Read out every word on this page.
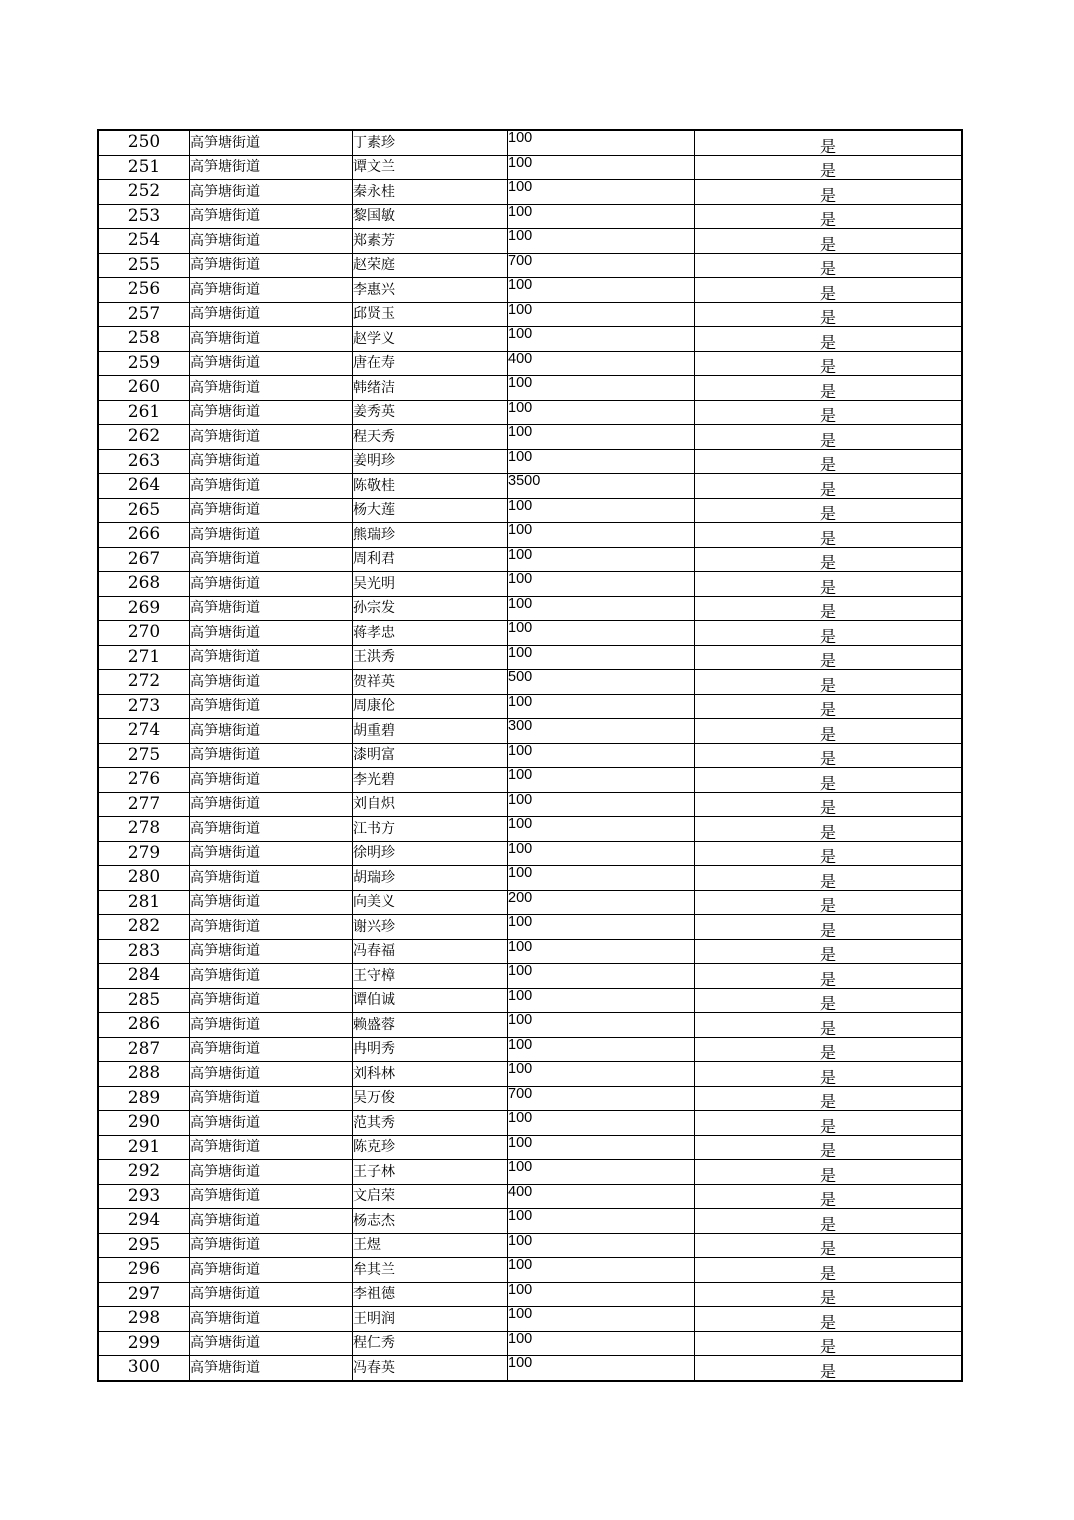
250	高笋塘街道	丁素珍	100	是
251	高笋塘街道	谭文兰	100	是
252	高笋塘街道	秦永桂	100	是
253	高笋塘街道	黎国敏	100	是
254	高笋塘街道	郑素芳	100	是
255	高笋塘街道	赵荣庭	700	是
256	高笋塘街道	李惠兴	100	是
257	高笋塘街道	邱贤玉	100	是
258	高笋塘街道	赵学义	100	是
259	高笋塘街道	唐在寿	400	是
260	高笋塘街道	韩绪洁	100	是
261	高笋塘街道	姜秀英	100	是
262	高笋塘街道	程天秀	100	是
263	高笋塘街道	姜明珍	100	是
264	高笋塘街道	陈敬桂	3500	是
265	高笋塘街道	杨大莲	100	是
266	高笋塘街道	熊瑞珍	100	是
267	高笋塘街道	周利君	100	是
268	高笋塘街道	吴光明	100	是
269	高笋塘街道	孙宗发	100	是
270	高笋塘街道	蒋孝忠	100	是
271	高笋塘街道	王洪秀	100	是
272	高笋塘街道	贺祥英	500	是
273	高笋塘街道	周康伦	100	是
274	高笋塘街道	胡重碧	300	是
275	高笋塘街道	漆明富	100	是
276	高笋塘街道	李光碧	100	是
277	高笋塘街道	刘自炽	100	是
278	高笋塘街道	江书方	100	是
279	高笋塘街道	徐明珍	100	是
280	高笋塘街道	胡瑞珍	100	是
281	高笋塘街道	向美义	200	是
282	高笋塘街道	谢兴珍	100	是
283	高笋塘街道	冯春福	100	是
284	高笋塘街道	王守樟	100	是
285	高笋塘街道	谭伯诚	100	是
286	高笋塘街道	赖盛蓉	100	是
287	高笋塘街道	冉明秀	100	是
288	高笋塘街道	刘科林	100	是
289	高笋塘街道	吴万俊	700	是
290	高笋塘街道	范其秀	100	是
291	高笋塘街道	陈克珍	100	是
292	高笋塘街道	王子林	100	是
293	高笋塘街道	文启荣	400	是
294	高笋塘街道	杨志杰	100	是
295	高笋塘街道	王煜	100	是
296	高笋塘街道	牟其兰	100	是
297	高笋塘街道	李祖德	100	是
298	高笋塘街道	王明润	100	是
299	高笋塘街道	程仁秀	100	是
300	高笋塘街道	冯春英	100	是
